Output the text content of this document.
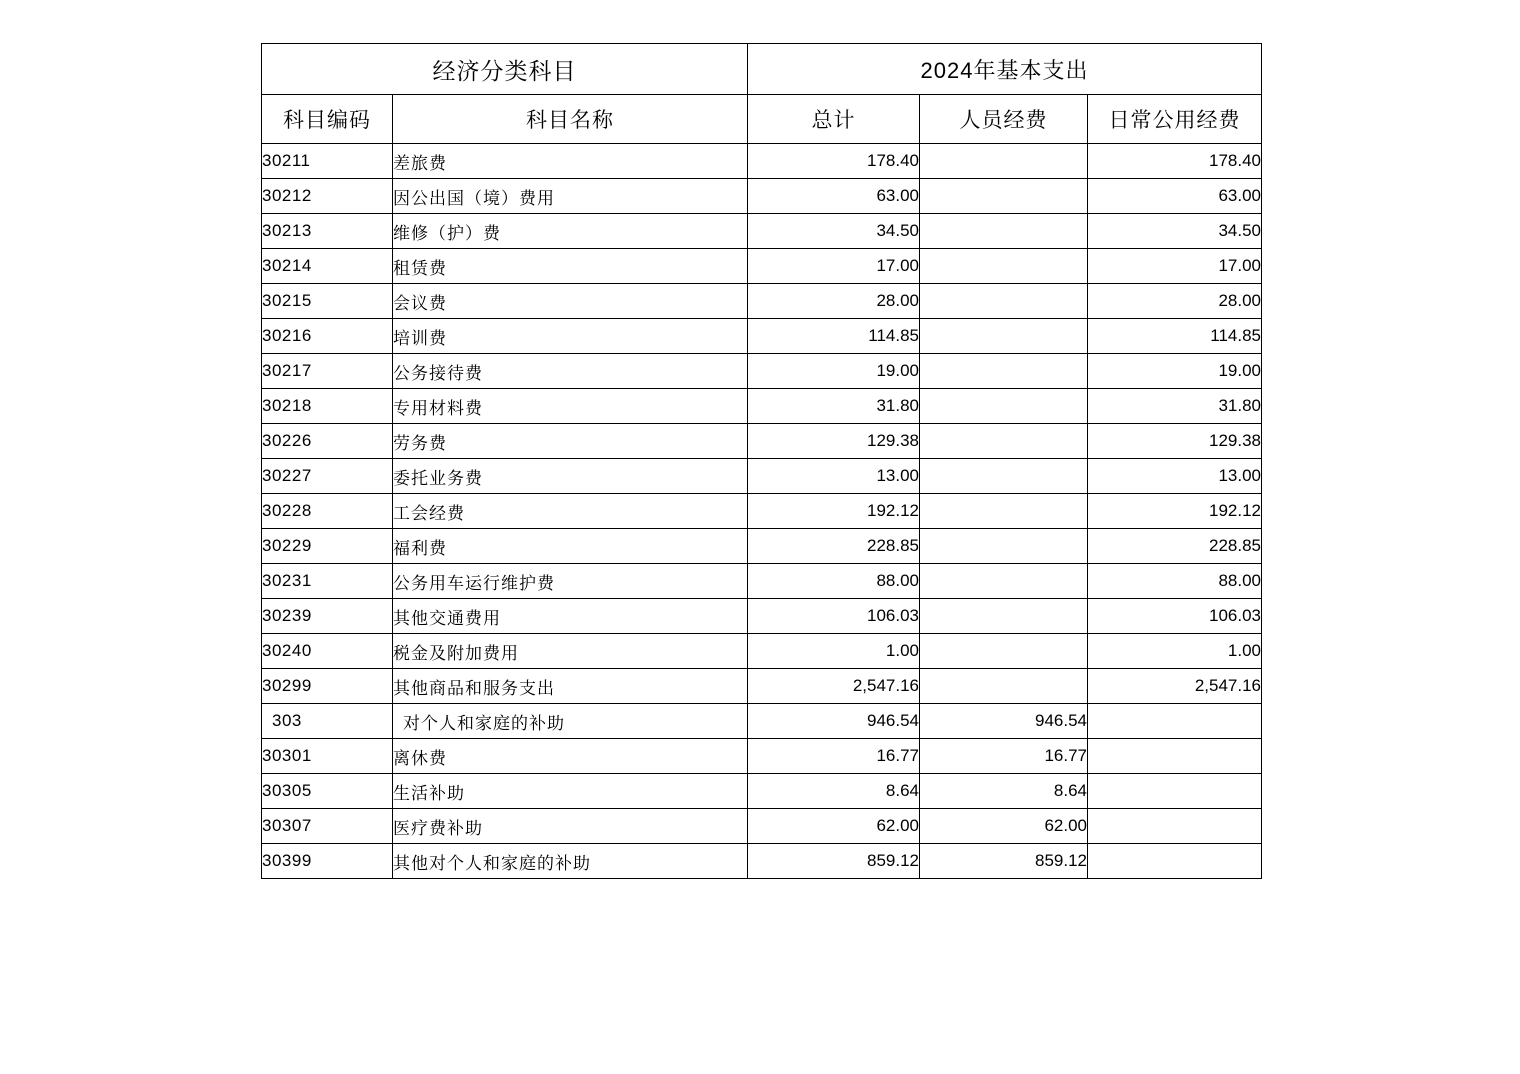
经济分类科目		2024年基本支出		
科目编码	科目名称	总计	人员经费	日常公用经费
30211	差旅费	178.40		178.40
30212	因公出国（境）费用	63.00		63.00
30213	维修（护）费	34.50		34.50
30214	租赁费	17.00		17.00
30215	会议费	28.00		28.00
30216	培训费	114.85		114.85
30217	公务接待费	19.00		19.00
30218	专用材料费	31.80		31.80
30226	劳务费	129.38		129.38
30227	委托业务费	13.00		13.00
30228	工会经费	192.12		192.12
30229	福利费	228.85		228.85
30231	公务用车运行维护费	88.00		88.00
30239	其他交通费用	106.03		106.03
30240	税金及附加费用	1.00		1.00
30299	其他商品和服务支出	2,547.16		2,547.16
303	对个人和家庭的补助	946.54	946.54	
30301	离休费	16.77	16.77	
30305	生活补助	8.64	8.64	
30307	医疗费补助	62.00	62.00	
30399	其他对个人和家庭的补助	859.12	859.12	
